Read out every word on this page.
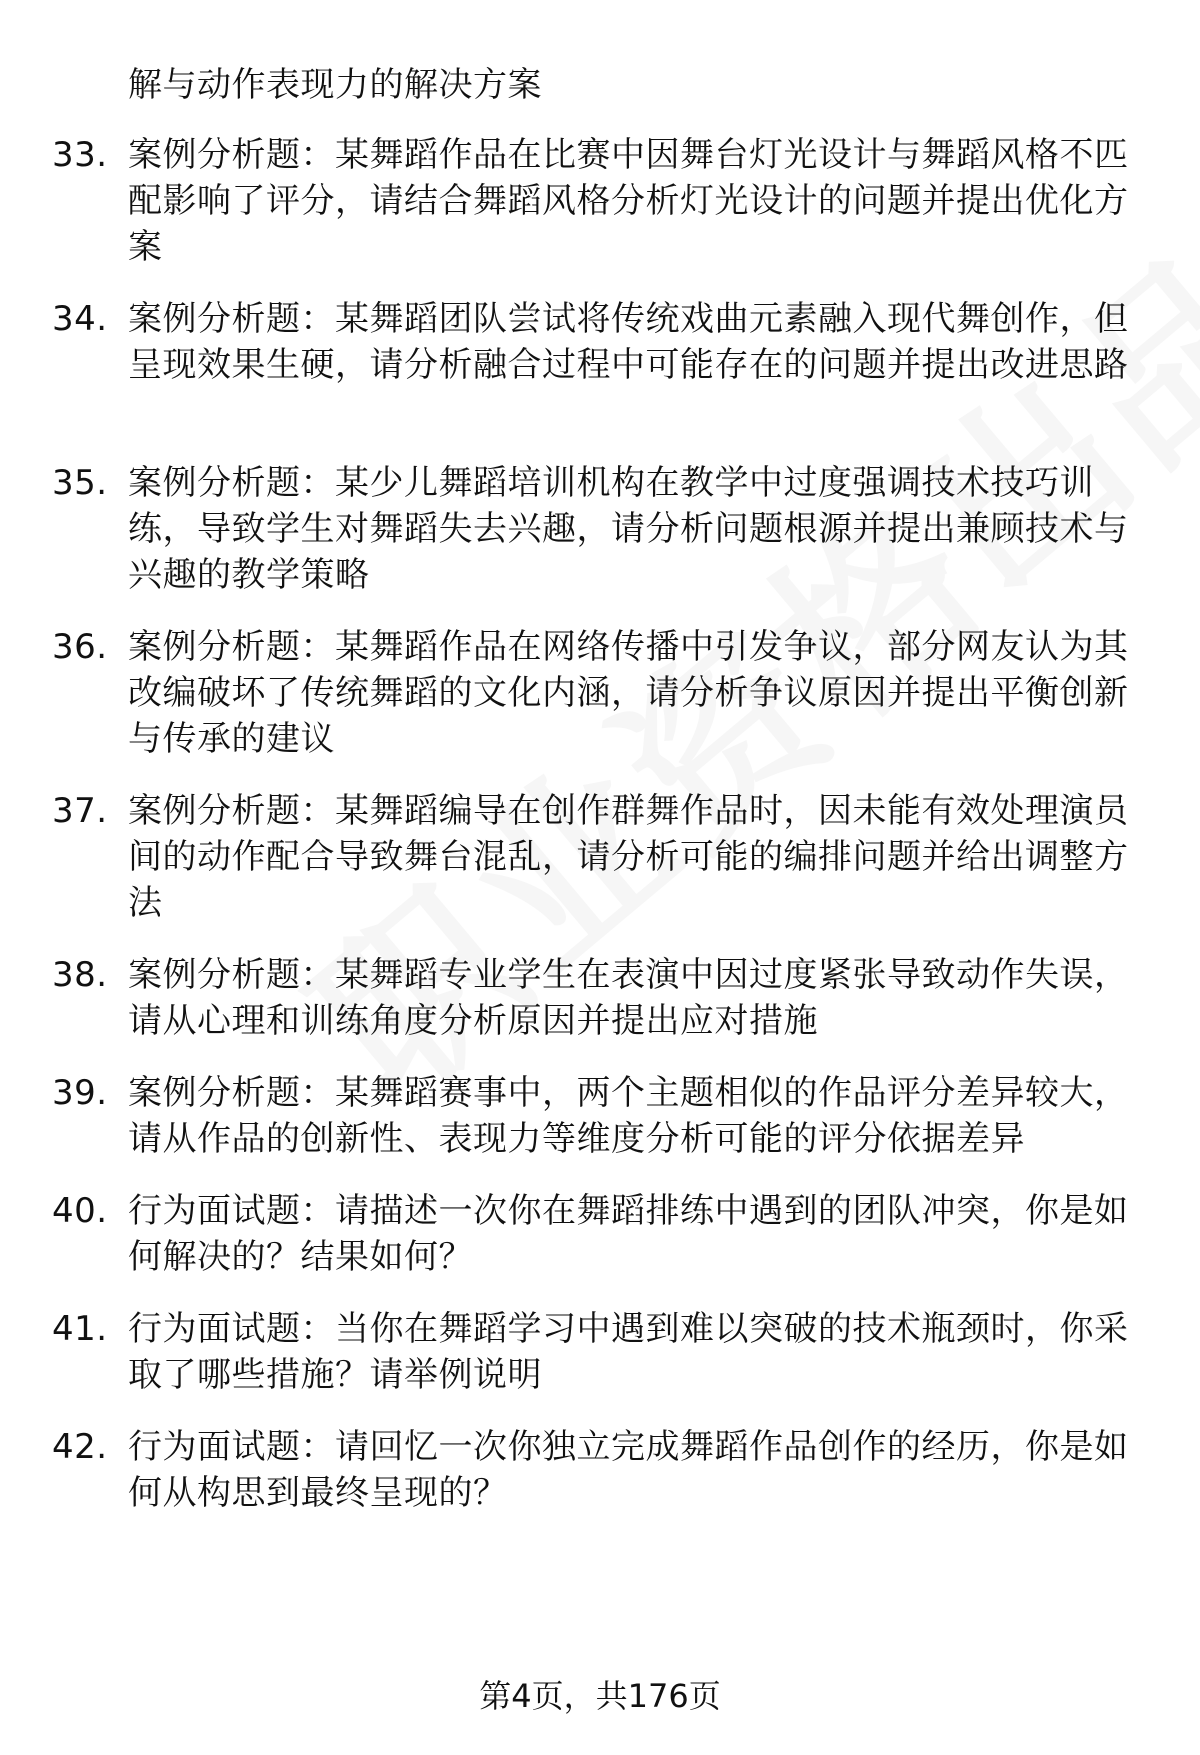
解与动作表现力的解决方案
33. 案例分析题：某舞蹈作品在比赛中因舞台灯光设计与舞蹈风格不匹配影响了评分，请结合舞蹈风格分析灯光设计的问题并提出优化方案
34. 案例分析题：某舞蹈团队尝试将传统戏曲元素融入现代舞创作，但呈现效果生硬，请分析融合过程中可能存在的问题并提出改进思路
35. 案例分析题：某少儿舞蹈培训机构在教学中过度强调技术技巧训练，导致学生对舞蹈失去兴趣，请分析问题根源并提出兼顾技术与兴趣的教学策略
36. 案例分析题：某舞蹈作品在网络传播中引发争议，部分网友认为其改编破坏了传统舞蹈的文化内涵，请分析争议原因并提出平衡创新与传承的建议
37. 案例分析题：某舞蹈编导在创作群舞作品时，因未能有效处理演员间的动作配合导致舞台混乱，请分析可能的编排问题并给出调整方法
38. 案例分析题：某舞蹈专业学生在表演中因过度紧张导致动作失误，请从心理和训练角度分析原因并提出应对措施
39. 案例分析题：某舞蹈赛事中，两个主题相似的作品评分差异较大，请从作品的创新性、表现力等维度分析可能的评分依据差异
40. 行为面试题：请描述一次你在舞蹈排练中遇到的团队冲突，你是如何解决的？结果如何？
41. 行为面试题：当你在舞蹈学习中遇到难以突破的技术瓶颈时，你采取了哪些措施？请举例说明
42. 行为面试题：请回忆一次你独立完成舞蹈作品创作的经历，你是如何从构思到最终呈现的？
第4页，共176页
